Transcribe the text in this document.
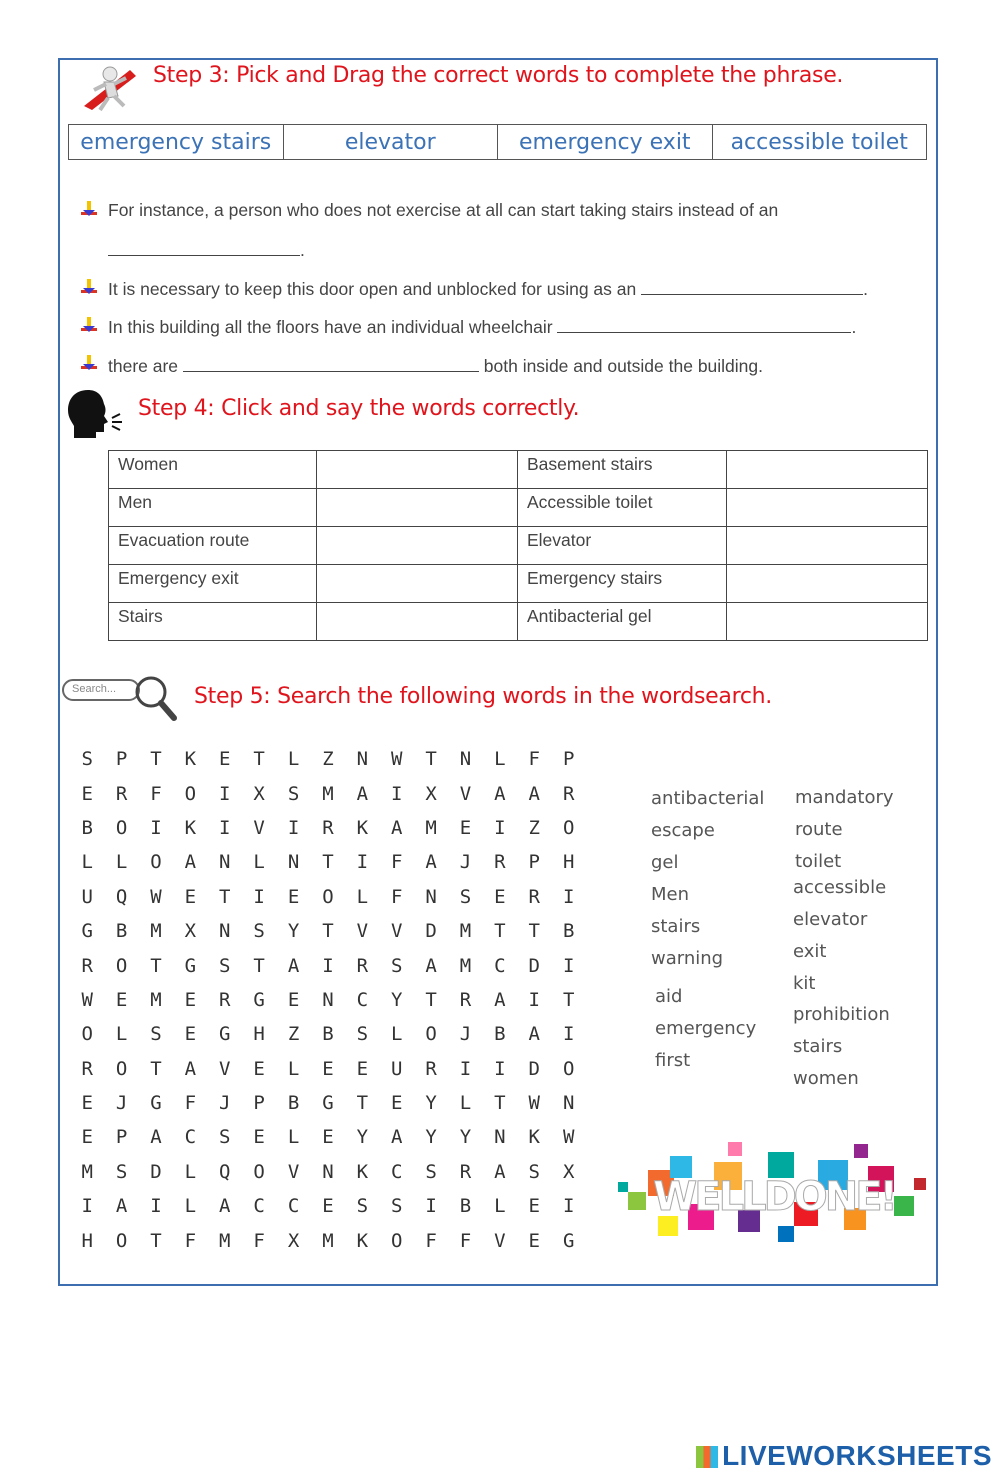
Step 3: Pick and Drag the correct words to complete the phrase.
emergency stairs	elevator	emergency exit	accessible toilet
For instance, a person who does not exercise at all can start taking stairs instead of an
.
It is necessary to keep this door open and unblocked for using as an	.
In this building all the floors have an individual wheelchair	.
there are	both inside and outside the building.
Step 4: Click and say the words correctly.
Women		Basement stairs	
Men		Accessible toilet	
Evacuation route		Elevator	
Emergency exit		Emergency stairs	
Stairs		Antibacterial gel	
Search...	Step 5: Search the following words in the wordsearch.
S	P	T	K	E	T	L	Z	N	W	T	N	L	F	P
E	R	F	O	I	X	S	M	A	I	X	V	A	A	R
B	O	I	K	I	V	I	R	K	A	M	E	I	Z	O
L	L	O	A	N	L	N	T	I	F	A	J	R	P	H
U	Q	W	E	T	I	E	O	L	F	N	S	E	R	I
G	B	M	X	N	S	Y	T	V	V	D	M	T	T	B
R	O	T	G	S	T	A	I	R	S	A	M	C	D	I
W	E	M	E	R	G	E	N	C	Y	T	R	A	I	T
O	L	S	E	G	H	Z	B	S	L	O	J	B	A	I
R	O	T	A	V	E	L	E	E	U	R	I	I	D	O
E	J	G	F	J	P	B	G	T	E	Y	L	T	W	N
E	P	A	C	S	E	L	E	Y	A	Y	Y	N	K	W
M	S	D	L	Q	O	V	N	K	C	S	R	A	S	X
I	A	I	L	A	C	C	E	S	S	I	B	L	E	I
H	O	T	F	M	F	X	M	K	O	F	F	V	E	G
antibacterial
escape
gel
Men
stairs
warning
aid
emergency
first
mandatory
route
toilet
accessible
elevator
exit
kit
prohibition
stairs
women
WELLDONE!
LIVEWORKSHEETS
